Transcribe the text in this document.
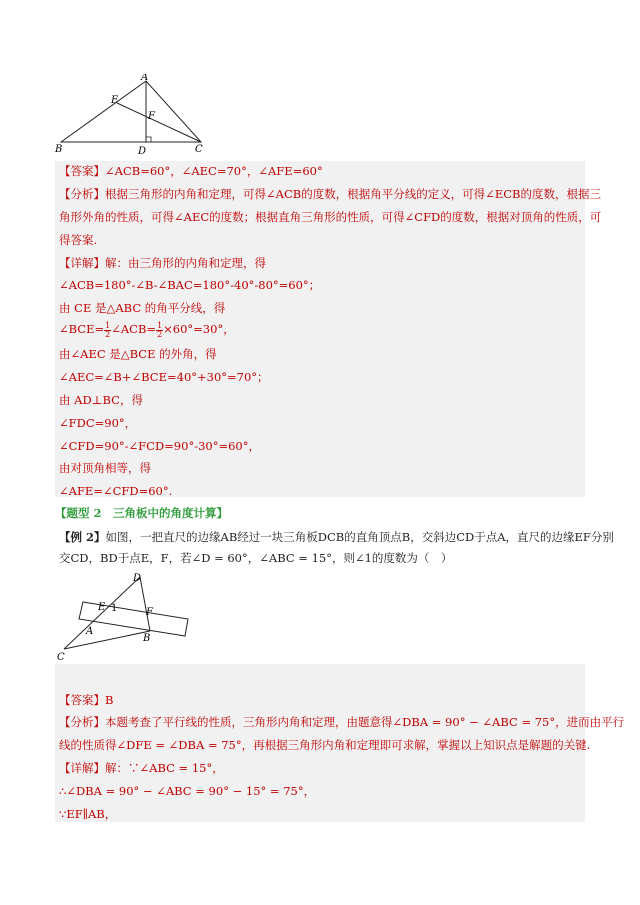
A
B	C
D
E
F
【答案】∠ACB=60°，∠AEC=70°，∠AFE=60°
【分析】根据三角形的内角和定理，可得∠ACB的度数，根据角平分线的定义，可得∠ECB的度数，根据三
角形外角的性质，可得∠AEC的度数；根据直角三角形的性质，可得∠CFD的度数，根据对顶角的性质，可
得答案.
【详解】解：由三角形的内角和定理，得
∠ACB=180°-∠B-∠BAC=180°-40°-80°=60°；
由 CE 是△ABC 的角平分线，得
∠BCE= $\frac{1}{2}$ ∠ACB= $\frac{1}{2} \times 60^\circ=30^\circ$，
由∠AEC 是△BCE 的外角，得
∠AEC=∠B+∠BCE=40°+30°=70°；
由 AD⊥BC，得
∠FDC=90°，
∠CFD=90°-∠FCD=90°-30°=60°，
由对顶角相等，得
∠AFE=∠CFD=60°.
【题型 2　三角板中的角度计算】
【例 2】如图，一把直尺的边缘AB经过一块三角板DCB的直角顶点B，交斜边CD于点A，直尺的边缘EF分别
交CD，BD于点E，F，若∠D = 60°，∠ABC = 15°，则∠1的度数为（　）
D
E 1	F
A
B
C
【答案】B
【分析】本题考查了平行线的性质，三角形内角和定理，由题意得∠DBA = 90° − ∠ABC = 75°，进而由平行
线的性质得∠DFE = ∠DBA = 75°，再根据三角形内角和定理即可求解，掌握以上知识点是解题的关键.
【详解】解：∵∠ABC = 15°，
∴∠DBA = 90° − ∠ABC = 90° − 15° = 75°，
∵EF∥AB，
